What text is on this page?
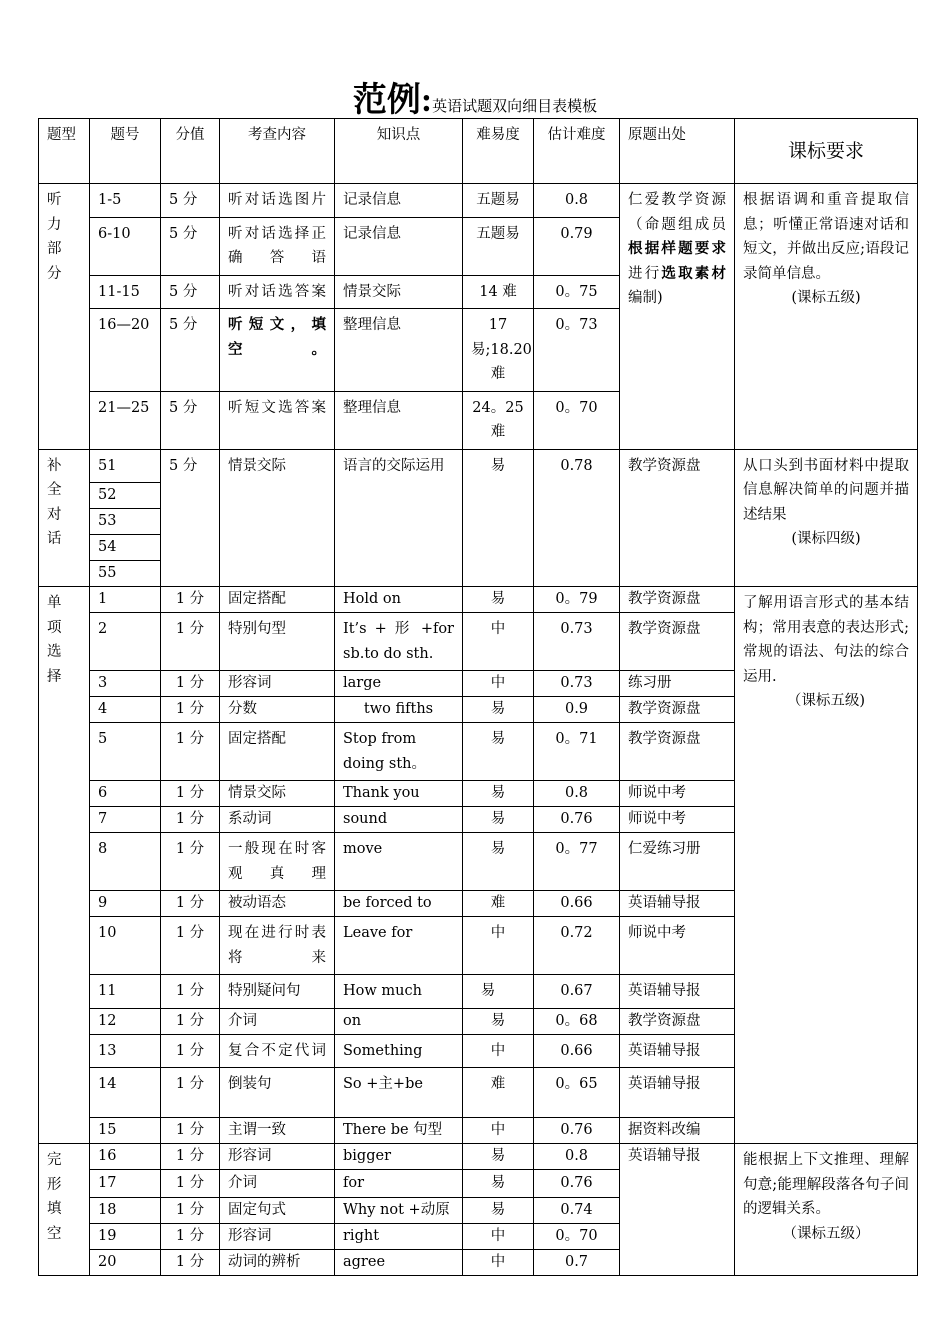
范例:英语试题双向细目表模板
题型	题号	分值	考查内容	知识点	难易度	估计难度	原题出处	课标要求

听力部分	1-5	5 分	听对话选图片	记录信息	五题易	0.8	仁爱教学资源（命题组成员根据样题要求进行选取素材编制)	根据语调和重音提取信息；听懂正常语速对话和短文，并做出反应;语段记录简单信息。
(课标五级)

	6-10	5 分	听对话选择正确答语	记录信息	五题易	0.79		
	11-15	5 分	听对话选答案	情景交际	14 难	0。75		
	16—20	5 分	听短文，填空。	整理信息	17 易;18.20 难	0。73		
	21—25	5 分	听短文选答案	整理信息	24。25 难	0。70		

补全对话	51	5 分	情景交际	语言的交际运用	易	0.78	教学资源盘	从口头到书面材料中提取信息解决简单的问题并描述结果
(课标四级)

	52							
	53							
	54							
	55							

单项选择	1	1 分	固定搭配	Hold on	易	0。79	教学资源盘	了解用语言形式的基本结构；常用表意的表达形式;常规的语法、句法的综合运用.
（课标五级)

	2	1 分	特别句型	It’s + 形 +for sb.to do sth.	中	0.73	教学资源盘	
	3	1 分	形容词	large	中	0.73	练习册	
	4	1 分	分数	two fifths	易	0.9	教学资源盘	
	5	1 分	固定搭配	Stop from doing sth。	易	0。71	教学资源盘	
	6	1 分	情景交际	Thank you	易	0.8	师说中考	
	7	1 分	系动词	sound	易	0.76	师说中考	
	8	1 分	一般现在时客观真理	move	易	0。77	仁爱练习册	
	9	1 分	被动语态	be forced to	难	0.66	英语辅导报	
	10	1 分	现在进行时表将来	Leave for	中	0.72	师说中考	
	11	1 分	特别疑问句	How much	易	0.67	英语辅导报	
	12	1 分	介词	on	易	0。68	教学资源盘	
	13	1 分	复合不定代词	Something	中	0.66	英语辅导报	
	14	1 分	倒装句	So +主+be	难	0。65	英语辅导报	
	15	1 分	主谓一致	There be 句型	中	0.76	据资料改编	

完形填空	16	1 分	形容词	bigger	易	0.8	英语辅导报	能根据上下文推理、理解句意;能理解段落各句子间的逻辑关系。
（课标五级）

	17	1 分	介词	for	易	0.76		
	18	1 分	固定句式	Why not +动原	易	0.74		
	19	1 分	形容词	right	中	0。70		
	20	1 分	动词的辨析	agree	中	0.7		
